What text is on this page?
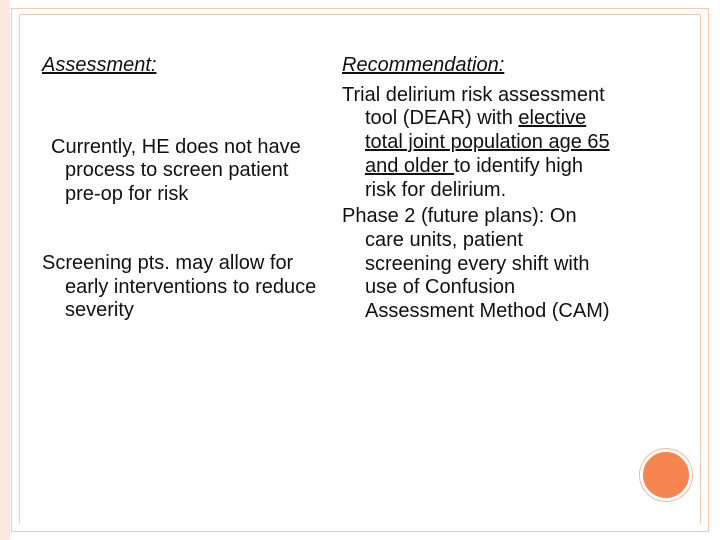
Assessment:

Currently, HE does not have process to screen patient pre-op for risk

Screening pts. may allow for early interventions to reduce severity

Recommendation:

Trial delirium risk assessment tool (DEAR) with elective total joint population age 65 and older to identify high risk for delirium.

Phase 2 (future plans): On care units, patient screening every shift with use of Confusion Assessment Method (CAM)
